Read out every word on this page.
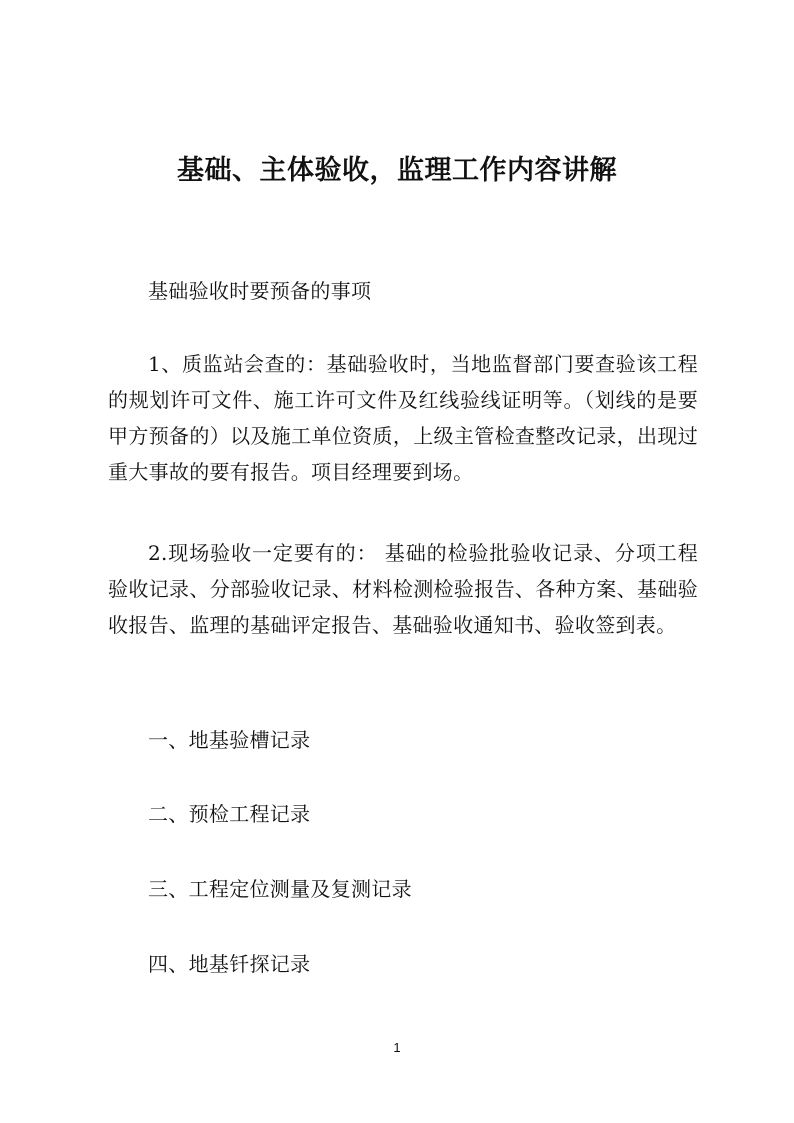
基础、主体验收，监理工作内容讲解

基础验收时要预备的事项

1、质监站会查的：基础验收时，当地监督部门要查验该工程的规划许可文件、施工许可文件及红线验线证明等。（划线的是要甲方预备的）以及施工单位资质，上级主管检查整改记录，出现过重大事故的要有报告。项目经理要到场。

2.现场验收一定要有的： 基础的检验批验收记录、分项工程验收记录、分部验收记录、材料检测检验报告、各种方案、基础验收报告、监理的基础评定报告、基础验收通知书、验收签到表。

一、地基验槽记录

二、预检工程记录

三、工程定位测量及复测记录

四、地基钎探记录

1
